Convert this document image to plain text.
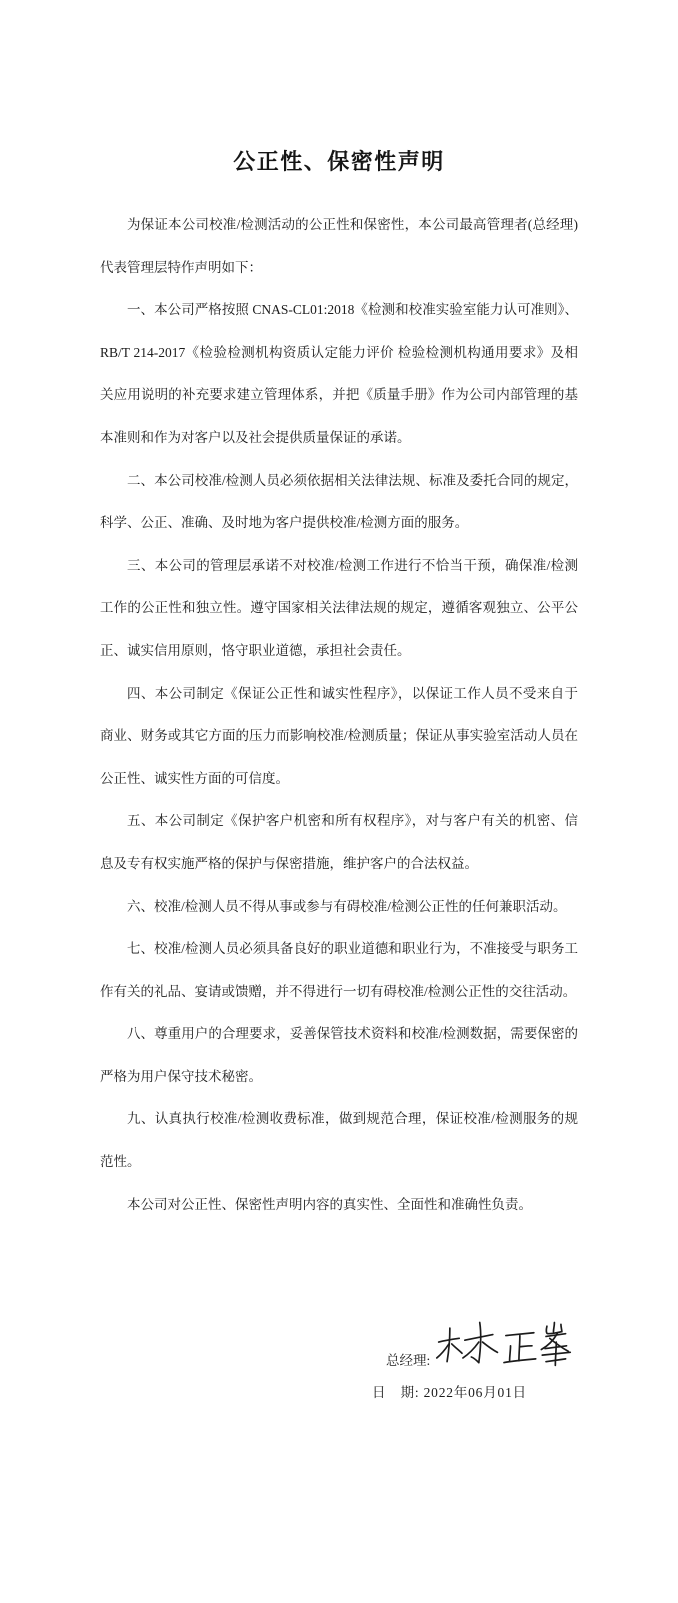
公正性、保密性声明

为保证本公司校准/检测活动的公正性和保密性，本公司最高管理者(总经理)代表管理层特作声明如下：

一、本公司严格按照 CNAS-CL01:2018《检测和校准实验室能力认可准则》、RB/T 214-2017《检验检测机构资质认定能力评价 检验检测机构通用要求》及相关应用说明的补充要求建立管理体系，并把《质量手册》作为公司内部管理的基本准则和作为对客户以及社会提供质量保证的承诺。

二、本公司校准/检测人员必须依据相关法律法规、标准及委托合同的规定，科学、公正、准确、及时地为客户提供校准/检测方面的服务。

三、本公司的管理层承诺不对校准/检测工作进行不恰当干预，确保准/检测工作的公正性和独立性。遵守国家相关法律法规的规定，遵循客观独立、公平公正、诚实信用原则，恪守职业道德，承担社会责任。

四、本公司制定《保证公正性和诚实性程序》，以保证工作人员不受来自于商业、财务或其它方面的压力而影响校准/检测质量；保证从事实验室活动人员在公正性、诚实性方面的可信度。

五、本公司制定《保护客户机密和所有权程序》，对与客户有关的机密、信息及专有权实施严格的保护与保密措施，维护客户的合法权益。

六、校准/检测人员不得从事或参与有碍校准/检测公正性的任何兼职活动。

七、校准/检测人员必须具备良好的职业道德和职业行为，不准接受与职务工作有关的礼品、宴请或馈赠，并不得进行一切有碍校准/检测公正性的交往活动。

八、尊重用户的合理要求，妥善保管技术资料和校准/检测数据，需要保密的严格为用户保守技术秘密。

九、认真执行校准/检测收费标准，做到规范合理，保证校准/检测服务的规范性。

本公司对公正性、保密性声明内容的真实性、全面性和准确性负责。

总经理:
日　期: 2022年06月01日
